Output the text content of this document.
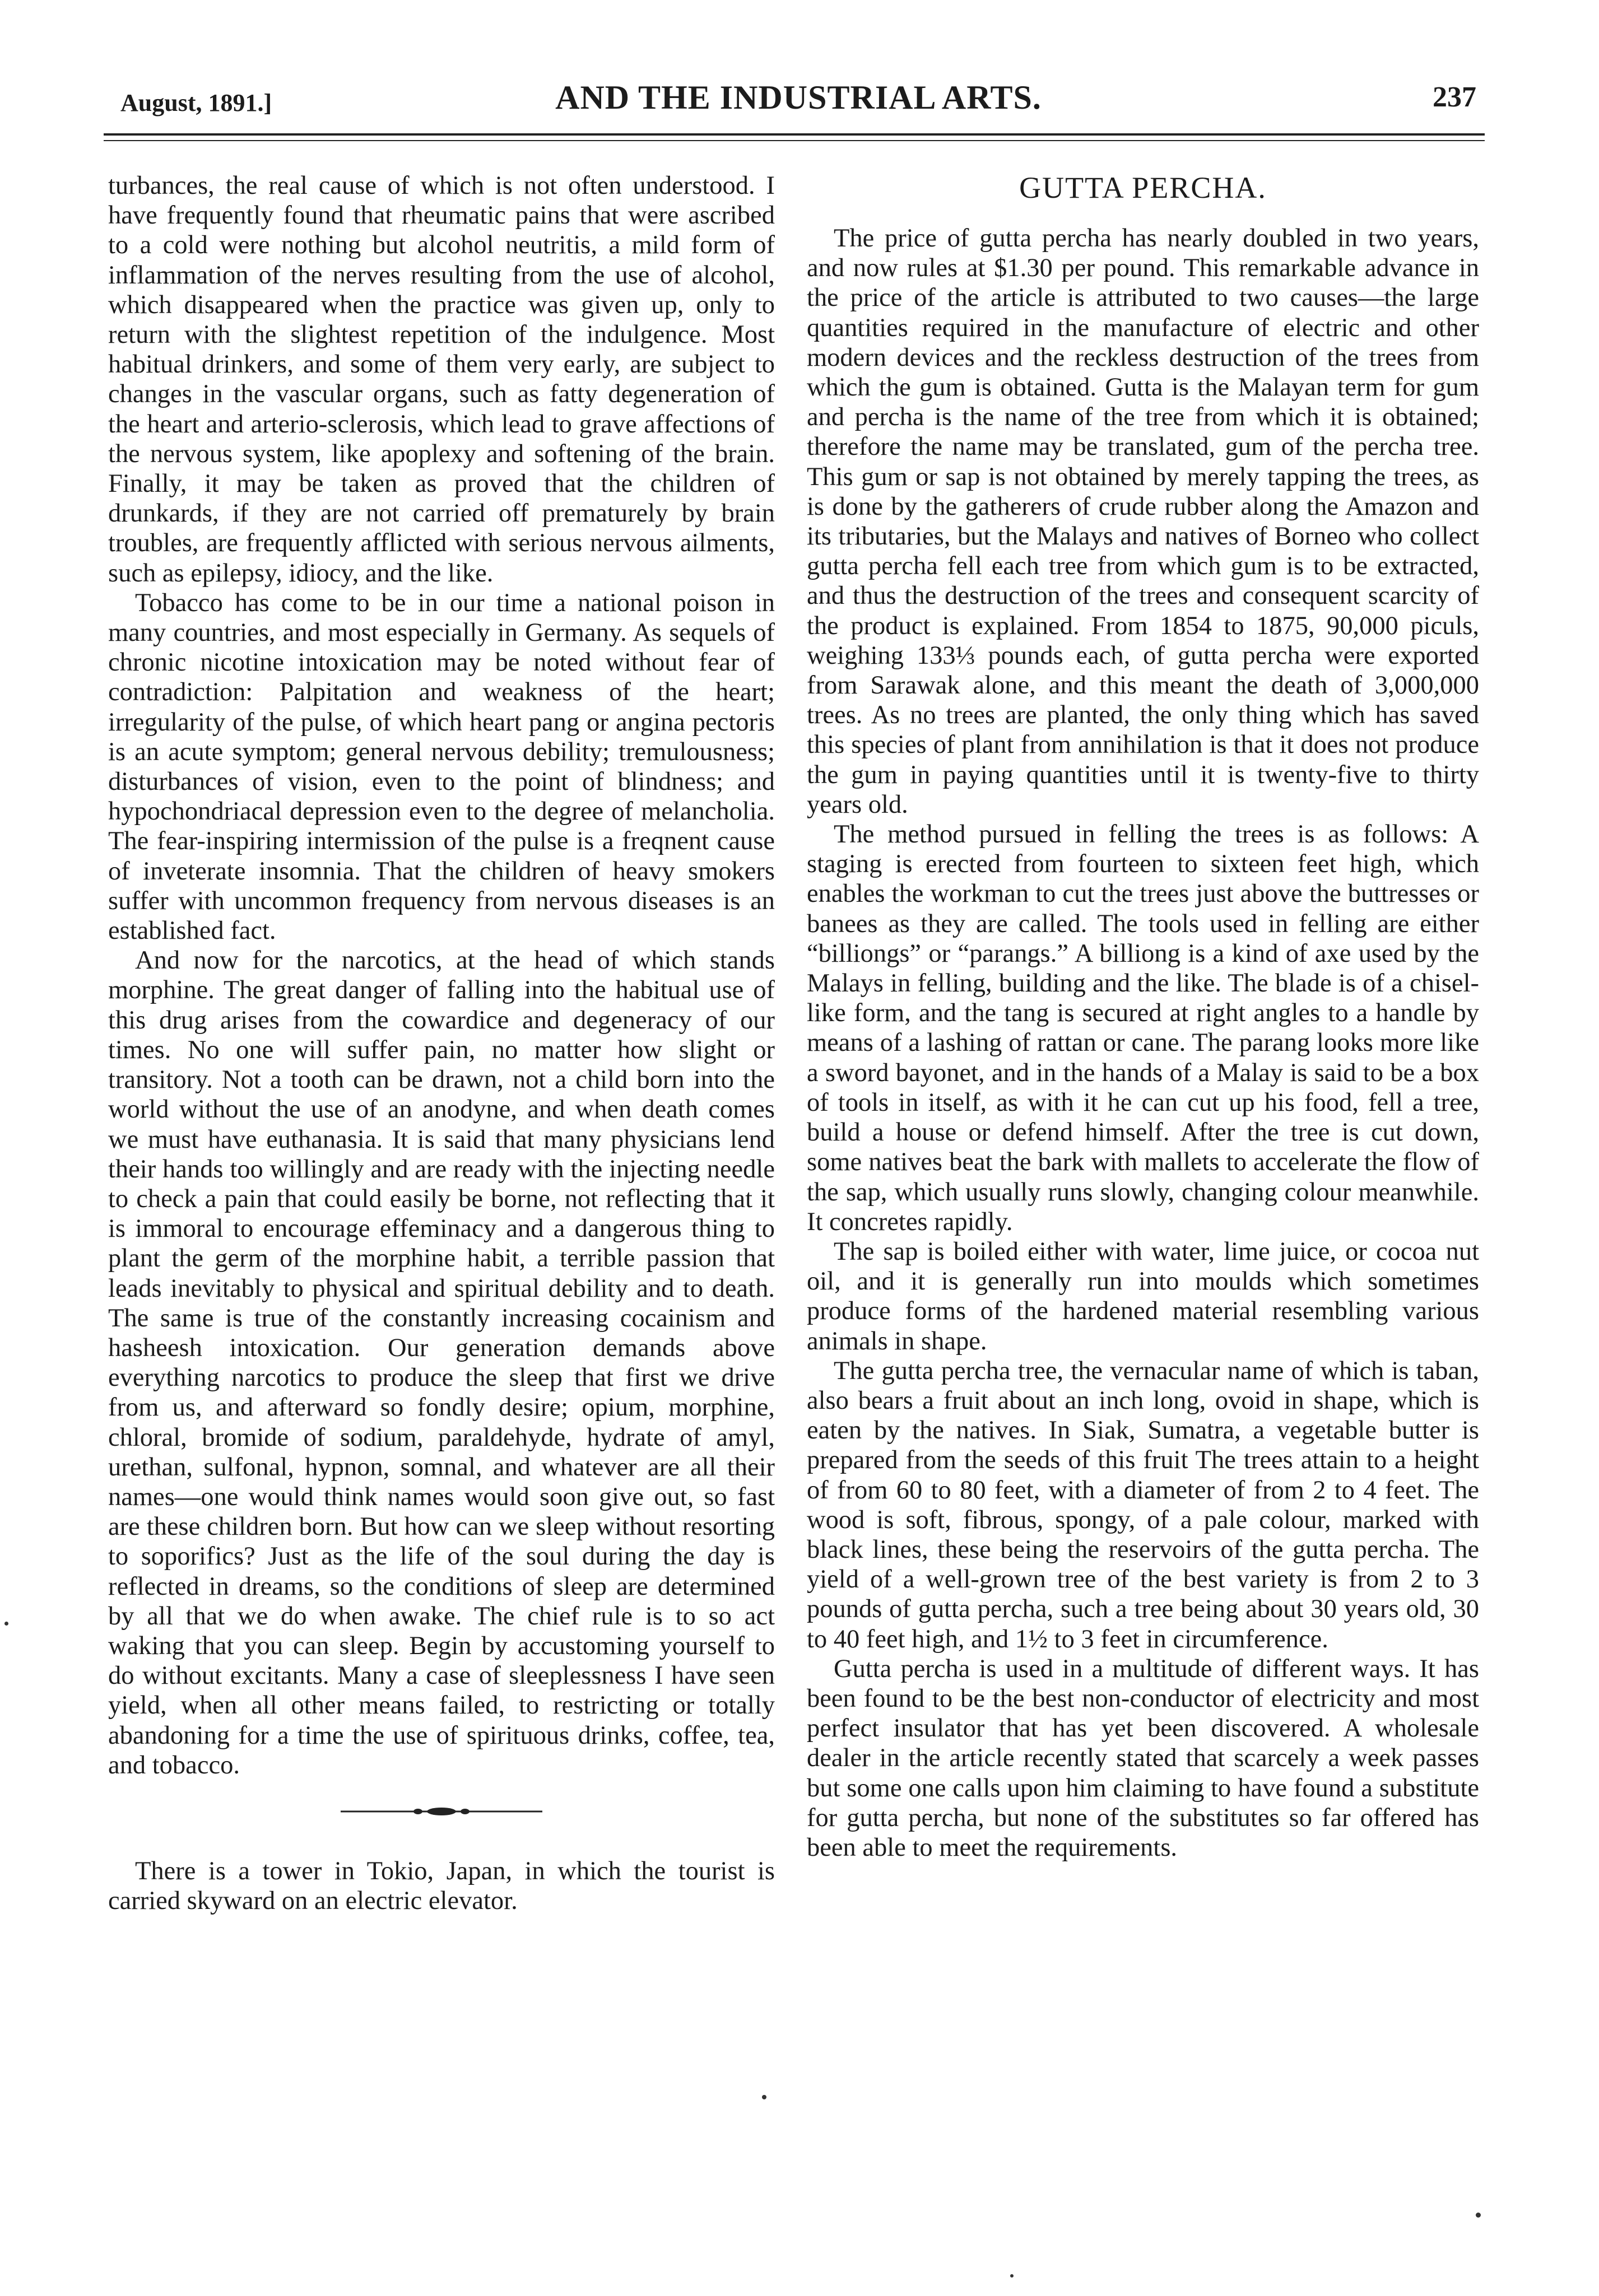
August, 1891.]	AND THE INDUSTRIAL ARTS.	237

turbances, the real cause of which is not often understood. I have frequently found that rheumatic pains that were ascribed to a cold were nothing but alcohol neutritis, a mild form of inflammation of the nerves resulting from the use of alcohol, which disappeared when the practice was given up, only to return with the slightest repetition of the indulgence. Most habitual drinkers, and some of them very early, are subject to changes in the vascular organs, such as fatty degeneration of the heart and arterio-sclerosis, which lead to grave affections of the nervous system, like apoplexy and softening of the brain. Finally, it may be taken as proved that the children of drunkards, if they are not carried off prematurely by brain troubles, are frequently afflicted with serious nervous ailments, such as epilepsy, idiocy, and the like.

Tobacco has come to be in our time a national poison in many countries, and most especially in Germany. As sequels of chronic nicotine intoxication may be noted without fear of contradiction: Palpitation and weakness of the heart; irregularity of the pulse, of which heart pang or angina pectoris is an acute symptom; general nervous debility; tremulousness; disturbances of vision, even to the point of blindness; and hypochondriacal depression even to the degree of melancholia. The fear-inspiring intermission of the pulse is a freqnent cause of inveterate insomnia. That the children of heavy smokers suffer with uncommon frequency from nervous diseases is an established fact.

And now for the narcotics, at the head of which stands morphine. The great danger of falling into the habitual use of this drug arises from the cowardice and degeneracy of our times. No one will suffer pain, no matter how slight or transitory. Not a tooth can be drawn, not a child born into the world without the use of an anodyne, and when death comes we must have euthanasia. It is said that many physicians lend their hands too willingly and are ready with the injecting needle to check a pain that could easily be borne, not reflecting that it is immoral to encourage effeminacy and a dangerous thing to plant the germ of the morphine habit, a terrible passion that leads inevitably to physical and spiritual debility and to death. The same is true of the constantly increasing cocainism and hasheesh intoxication. Our generation demands above everything narcotics to produce the sleep that first we drive from us, and afterward so fondly desire; opium, morphine, chloral, bromide of sodium, paraldehyde, hydrate of amyl, urethan, sulfonal, hypnon, somnal, and whatever are all their names—one would think names would soon give out, so fast are these children born. But how can we sleep without resorting to soporifics? Just as the life of the soul during the day is reflected in dreams, so the conditions of sleep are determined by all that we do when awake. The chief rule is to so act waking that you can sleep. Begin by accustoming yourself to do without excitants. Many a case of sleeplessness I have seen yield, when all other means failed, to restricting or totally abandoning for a time the use of spirituous drinks, coffee, tea, and tobacco.

There is a tower in Tokio, Japan, in which the tourist is carried skyward on an electric elevator.

GUTTA PERCHA.

The price of gutta percha has nearly doubled in two years, and now rules at $1.30 per pound. This remarkable advance in the price of the article is attributed to two causes—the large quantities required in the manufacture of electric and other modern devices and the reckless destruction of the trees from which the gum is obtained. Gutta is the Malayan term for gum and percha is the name of the tree from which it is obtained; therefore the name may be translated, gum of the percha tree. This gum or sap is not obtained by merely tapping the trees, as is done by the gatherers of crude rubber along the Amazon and its tributaries, but the Malays and natives of Borneo who collect gutta percha fell each tree from which gum is to be extracted, and thus the destruction of the trees and consequent scarcity of the product is explained. From 1854 to 1875, 90,000 piculs, weighing 133⅓ pounds each, of gutta percha were exported from Sarawak alone, and this meant the death of 3,000,000 trees. As no trees are planted, the only thing which has saved this species of plant from annihilation is that it does not produce the gum in paying quantities until it is twenty-five to thirty years old.

The method pursued in felling the trees is as follows: A staging is erected from fourteen to sixteen feet high, which enables the workman to cut the trees just above the buttresses or banees as they are called. The tools used in felling are either “billiongs” or “parangs.” A billiong is a kind of axe used by the Malays in felling, building and the like. The blade is of a chisel-like form, and the tang is secured at right angles to a handle by means of a lashing of rattan or cane. The parang looks more like a sword bayonet, and in the hands of a Malay is said to be a box of tools in itself, as with it he can cut up his food, fell a tree, build a house or defend himself. After the tree is cut down, some natives beat the bark with mallets to accelerate the flow of the sap, which usually runs slowly, changing colour meanwhile. It concretes rapidly.

The sap is boiled either with water, lime juice, or cocoa nut oil, and it is generally run into moulds which sometimes produce forms of the hardened material resembling various animals in shape.

The gutta percha tree, the vernacular name of which is taban, also bears a fruit about an inch long, ovoid in shape, which is eaten by the natives. In Siak, Sumatra, a vegetable butter is prepared from the seeds of this fruit The trees attain to a height of from 60 to 80 feet, with a diameter of from 2 to 4 feet. The wood is soft, fibrous, spongy, of a pale colour, marked with black lines, these being the reservoirs of the gutta percha. The yield of a well-grown tree of the best variety is from 2 to 3 pounds of gutta percha, such a tree being about 30 years old, 30 to 40 feet high, and 1½ to 3 feet in circumference.

Gutta percha is used in a multitude of different ways. It has been found to be the best non-conductor of electricity and most perfect insulator that has yet been discovered. A wholesale dealer in the article recently stated that scarcely a week passes but some one calls upon him claiming to have found a substitute for gutta percha, but none of the substitutes so far offered has been able to meet the requirements.
